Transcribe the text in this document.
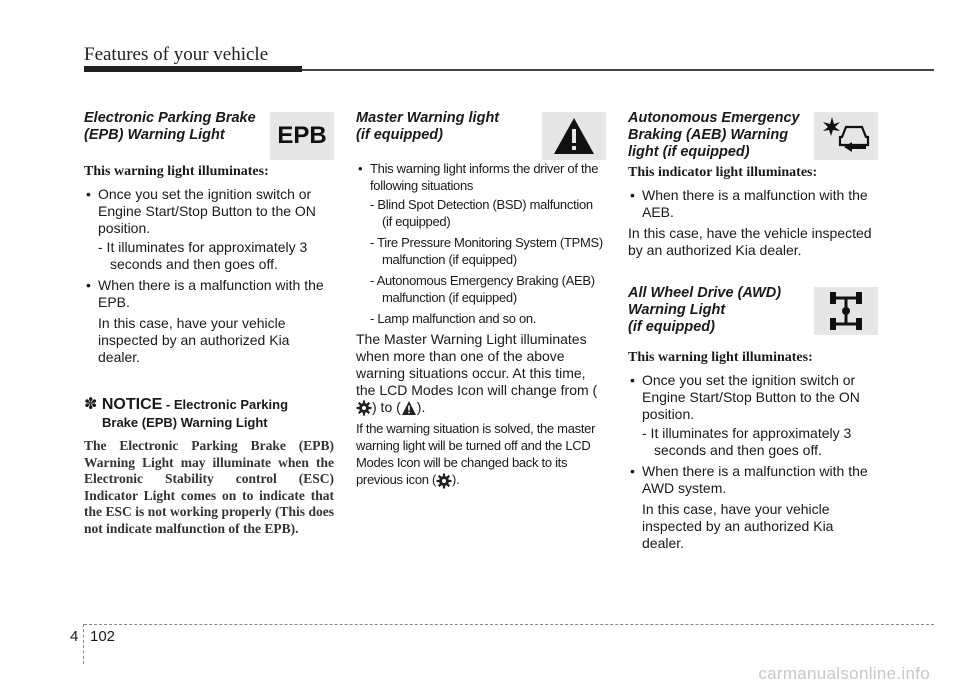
Features of your vehicle

Electronic Parking Brake
(EPB) Warning Light	EPB

This warning light illuminates:

• Once you set the ignition switch or Engine Start/Stop Button to the ON position.

- It illuminates for approximately 3 seconds and then goes off.

• When there is a malfunction with the EPB.

In this case, have your vehicle inspected by an authorized Kia dealer.

✽ NOTICE - Electronic Parking
Brake (EPB) Warning Light

The Electronic Parking Brake (EPB) Warning Light may illuminate when the Electronic Stability control (ESC) Indicator Light comes on to indicate that the ESC is not working properly (This does not indicate malfunction of the EPB).

Master Warning light
(if equipped)

• This warning light informs the driver of the following situations

- Blind Spot Detection (BSD) malfunction (if equipped)

- Tire Pressure Monitoring System (TPMS) malfunction (if equipped)

- Autonomous Emergency Braking (AEB) malfunction (if equipped)

- Lamp malfunction and so on.

The Master Warning Light illuminates when more than one of the above warning situations occur. At this time, the LCD Modes Icon will change from () to ( ).

If the warning situation is solved, the master warning light will be turned off and the LCD Modes Icon will be changed back to its previous icon ( ).

Autonomous Emergency
Braking (AEB) Warning
light (if equipped)

This indicator light illuminates:

• When there is a malfunction with the AEB.

In this case, have the vehicle inspected by an authorized Kia dealer.

All Wheel Drive (AWD)
Warning Light
(if equipped)

This warning light illuminates:

• Once you set the ignition switch or Engine Start/Stop Button to the ON position.

- It illuminates for approximately 3 seconds and then goes off.

• When there is a malfunction with the AWD system.

In this case, have your vehicle inspected by an authorized Kia dealer.

4 102
carmanualsonline.info
